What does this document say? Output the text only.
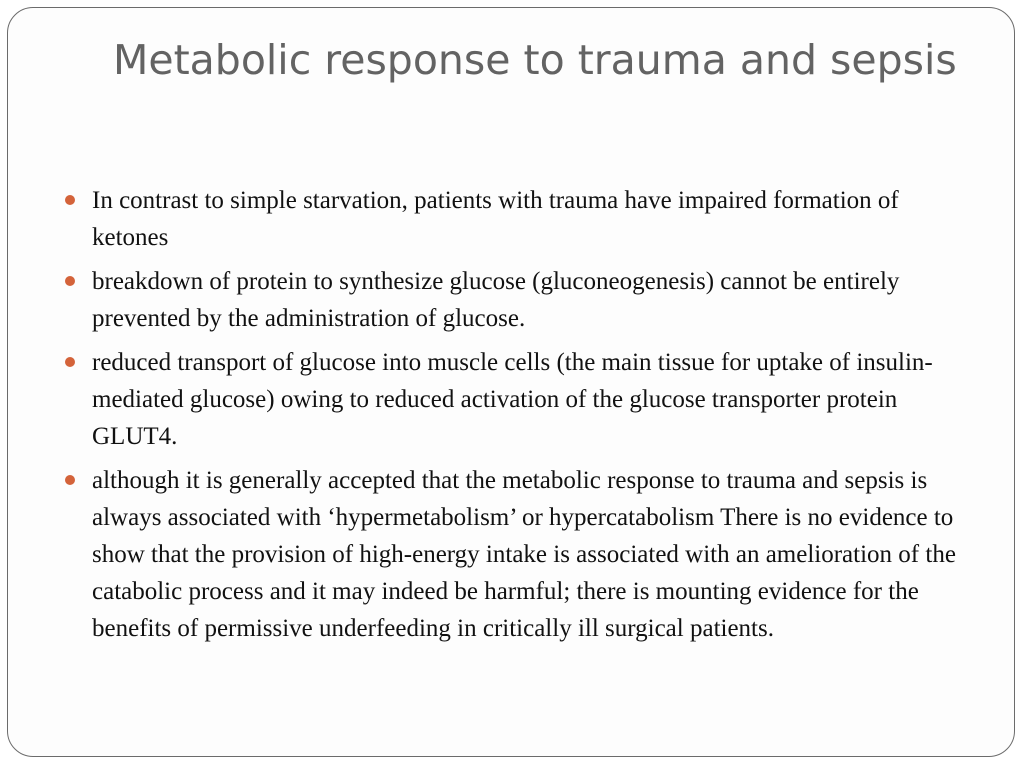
Metabolic response to trauma and sepsis
In contrast to simple starvation, patients with trauma have impaired formation of ketones
breakdown of protein to synthesize glucose (gluconeogenesis) cannot be entirely prevented by the administration of glucose.
reduced transport of glucose into muscle cells (the main tissue for uptake of insulin-mediated glucose) owing to reduced activation of the glucose transporter protein GLUT4.
although it is generally accepted that the metabolic response to trauma and sepsis is always associated with ‘hypermetabolism’ or hypercatabolism There is no evidence to show that the provision of high-energy intake is associated with an amelioration of the catabolic process and it may indeed be harmful; there is mounting evidence for the benefits of permissive underfeeding in critically ill surgical patients.
